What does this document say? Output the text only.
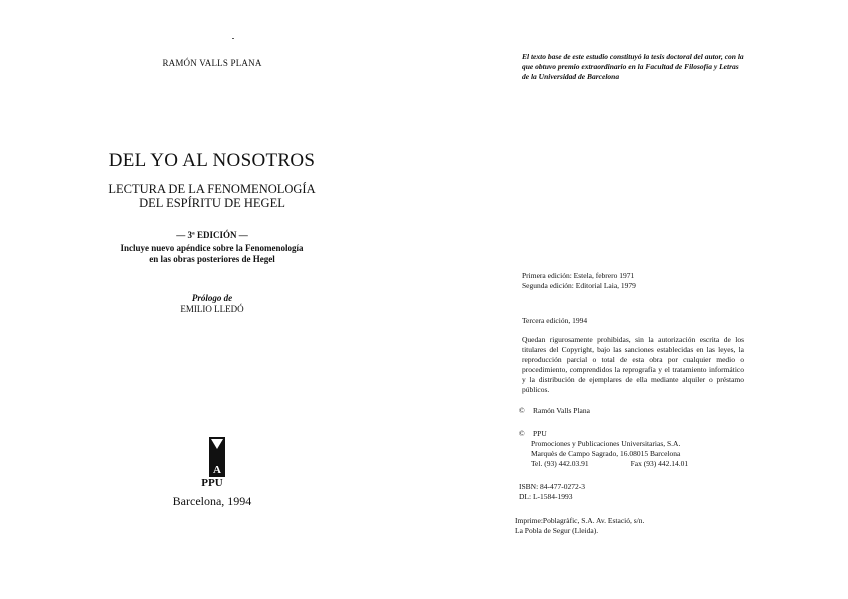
RAMÓN VALLS PLANA
DEL YO AL NOSOTROS
LECTURA DE LA FENOMENOLOGÍA
DEL ESPÍRITU DE HEGEL
— 3ª EDICIÓN —
Incluye nuevo apéndice sobre la Fenomenología
en las obras posteriores de Hegel
Prólogo de
EMILIO LLEDÓ
A
PPU
Barcelona, 1994
El texto base de este estudio constituyó la tesis doctoral del autor, con la que obtuvo premio extraordinario en la Facultad de Filosofía y Letras de la Universidad de Barcelona
Primera edición: Estela, febrero 1971
Segunda edición: Editorial Laia, 1979
Tercera edición, 1994
Quedan rigurosamente prohibidas, sin la autorización escrita de los titulares del Copyright, bajo las sanciones establecidas en las leyes, la reproducción parcial o total de esta obra por cualquier medio o procedimiento, comprendidos la reprografía y el tratamiento informático y la distribución de ejemplares de ella mediante alquiler o préstamo públicos.
© Ramón Valls Plana
© PPU
Promociones y Publicaciones Universitarias, S.A.
Marquès de Campo Sagrado, 16.08015 Barcelona
Tel. (93) 442.03.91	Fax (93) 442.14.01
ISBN: 84-477-0272-3
DL: L-1584-1993
Imprime:Poblagràfic, S.A. Av. Estació, s/n.
La Pobla de Segur (Lleida).
